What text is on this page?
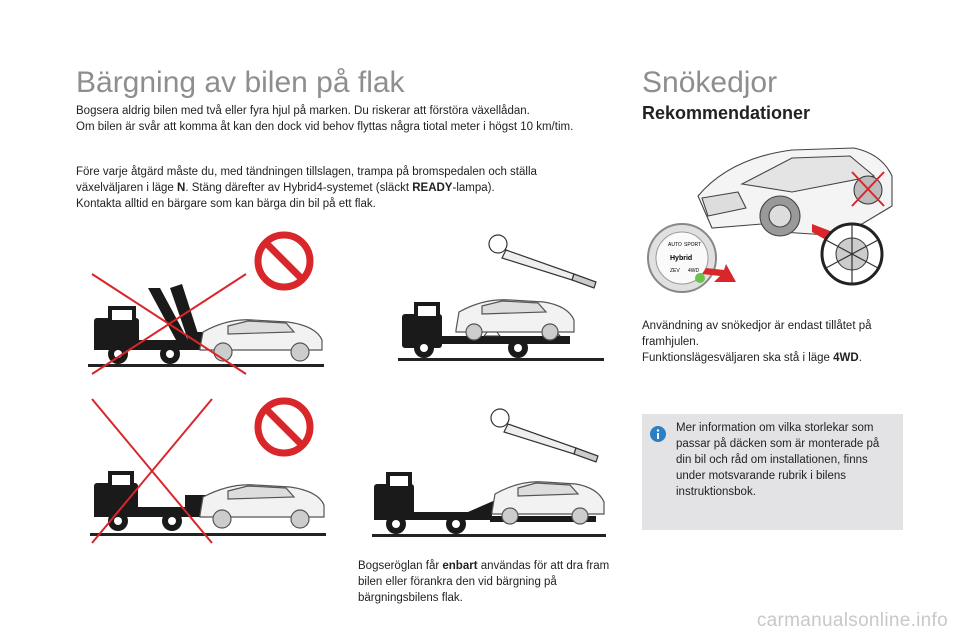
Bärgning av bilen på flak
Bogsera aldrig bilen med två eller fyra hjul på marken. Du riskerar att förstöra växellådan.
Om bilen är svår att komma åt kan den dock vid behov flyttas några tiotal meter i högst 10 km/tim.
Före varje åtgärd måste du, med tändningen tillslagen, trampa på bromspedalen och ställa växelväljaren i läge N. Stäng därefter av Hybrid4-systemet (släckt READY-lampa).
Kontakta alltid en bärgare som kan bärga din bil på ett flak.
Bogseröglan får enbart användas för att dra fram bilen eller förankra den vid bärgning på bärgningsbilens flak.
Snökedjor
Rekommendationer
AUTO SPORT
Hybrid
ZEV 4WD
Användning av snökedjor är endast tillåtet på framhjulen.
Funktionslägesväljaren ska stå i läge 4WD.
Mer information om vilka storlekar som passar på däcken som är monterade på din bil och råd om installationen, finns under motsvarande rubrik i bilens instruktionsbok.
carmanualsonline.info
